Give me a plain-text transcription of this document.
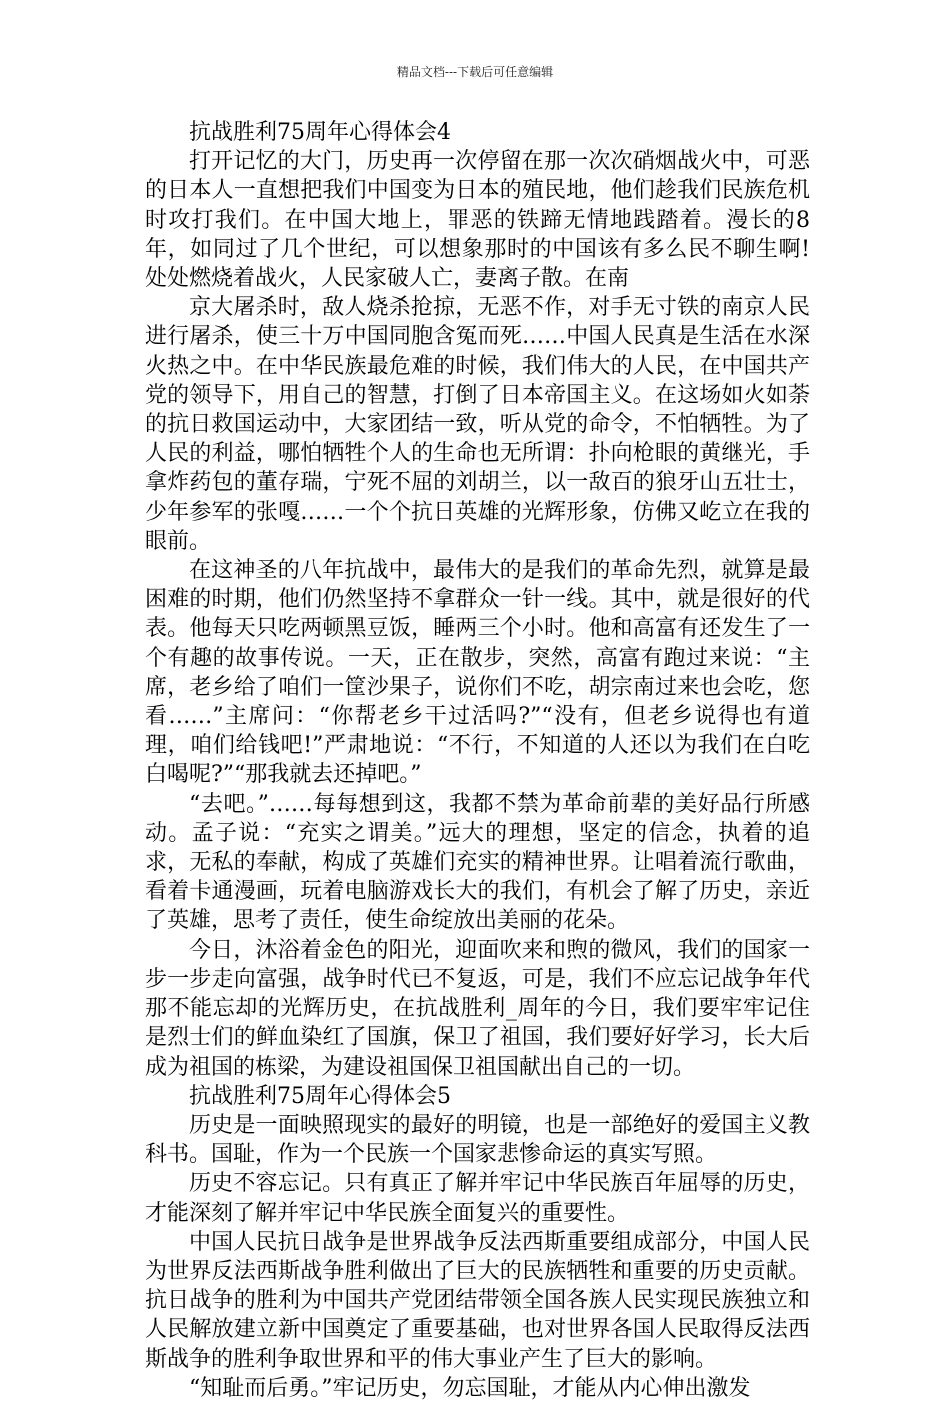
精品文档---下载后可任意编辑

抗战胜利75周年心得体会4

打开记忆的大门，历史再一次停留在那一次次硝烟战火中，可恶的日本人一直想把我们中国变为日本的殖民地，他们趁我们民族危机时攻打我们。在中国大地上，罪恶的铁蹄无情地践踏着。漫长的8年，如同过了几个世纪，可以想象那时的中国该有多么民不聊生啊!处处燃烧着战火，人民家破人亡，妻离子散。在南

京大屠杀时，敌人烧杀抢掠，无恶不作，对手无寸铁的南京人民进行屠杀，使三十万中国同胞含冤而死……中国人民真是生活在水深火热之中。在中华民族最危难的时候，我们伟大的人民，在中国共产党的领导下，用自己的智慧，打倒了日本帝国主义。在这场如火如荼的抗日救国运动中，大家团结一致，听从党的命令，不怕牺牲。为了人民的利益，哪怕牺牲个人的生命也无所谓：扑向枪眼的黄继光，手拿炸药包的董存瑞，宁死不屈的刘胡兰，以一敌百的狼牙山五壮士，少年参军的张嘎……一个个抗日英雄的光辉形象，仿佛又屹立在我的眼前。

在这神圣的八年抗战中，最伟大的是我们的革命先烈，就算是最困难的时期，他们仍然坚持不拿群众一针一线。其中，就是很好的代表。他每天只吃两顿黑豆饭，睡两三个小时。他和高富有还发生了一个有趣的故事传说。一天，正在散步，突然，高富有跑过来说：“主席，老乡给了咱们一筐沙果子，说你们不吃，胡宗南过来也会吃，您看……”主席问：“你帮老乡干过活吗?”“没有，但老乡说得也有道理，咱们给钱吧!”严肃地说：“不行，不知道的人还以为我们在白吃白喝呢?”“那我就去还掉吧。”

“去吧。”……每每想到这，我都不禁为革命前辈的美好品行所感动。孟子说：“充实之谓美。”远大的理想，坚定的信念，执着的追求，无私的奉献，构成了英雄们充实的精神世界。让唱着流行歌曲，看着卡通漫画，玩着电脑游戏长大的我们，有机会了解了历史，亲近了英雄，思考了责任，使生命绽放出美丽的花朵。

今日，沐浴着金色的阳光，迎面吹来和煦的微风，我们的国家一步一步走向富强，战争时代已不复返，可是，我们不应忘记战争年代那不能忘却的光辉历史，在抗战胜利_周年的今日，我们要牢牢记住是烈士们的鲜血染红了国旗，保卫了祖国，我们要好好学习，长大后成为祖国的栋梁，为建设祖国保卫祖国献出自己的一切。

抗战胜利75周年心得体会5

历史是一面映照现实的最好的明镜，也是一部绝好的爱国主义教科书。国耻，作为一个民族一个国家悲惨命运的真实写照。

历史不容忘记。只有真正了解并牢记中华民族百年屈辱的历史，才能深刻了解并牢记中华民族全面复兴的重要性。

中国人民抗日战争是世界战争反法西斯重要组成部分，中国人民为世界反法西斯战争胜利做出了巨大的民族牺牲和重要的历史贡献。抗日战争的胜利为中国共产党团结带领全国各族人民实现民族独立和人民解放建立新中国奠定了重要基础，也对世界各国人民取得反法西斯战争的胜利争取世界和平的伟大事业产生了巨大的影响。

“知耻而后勇。”牢记历史，勿忘国耻，才能从内心伸出激发
